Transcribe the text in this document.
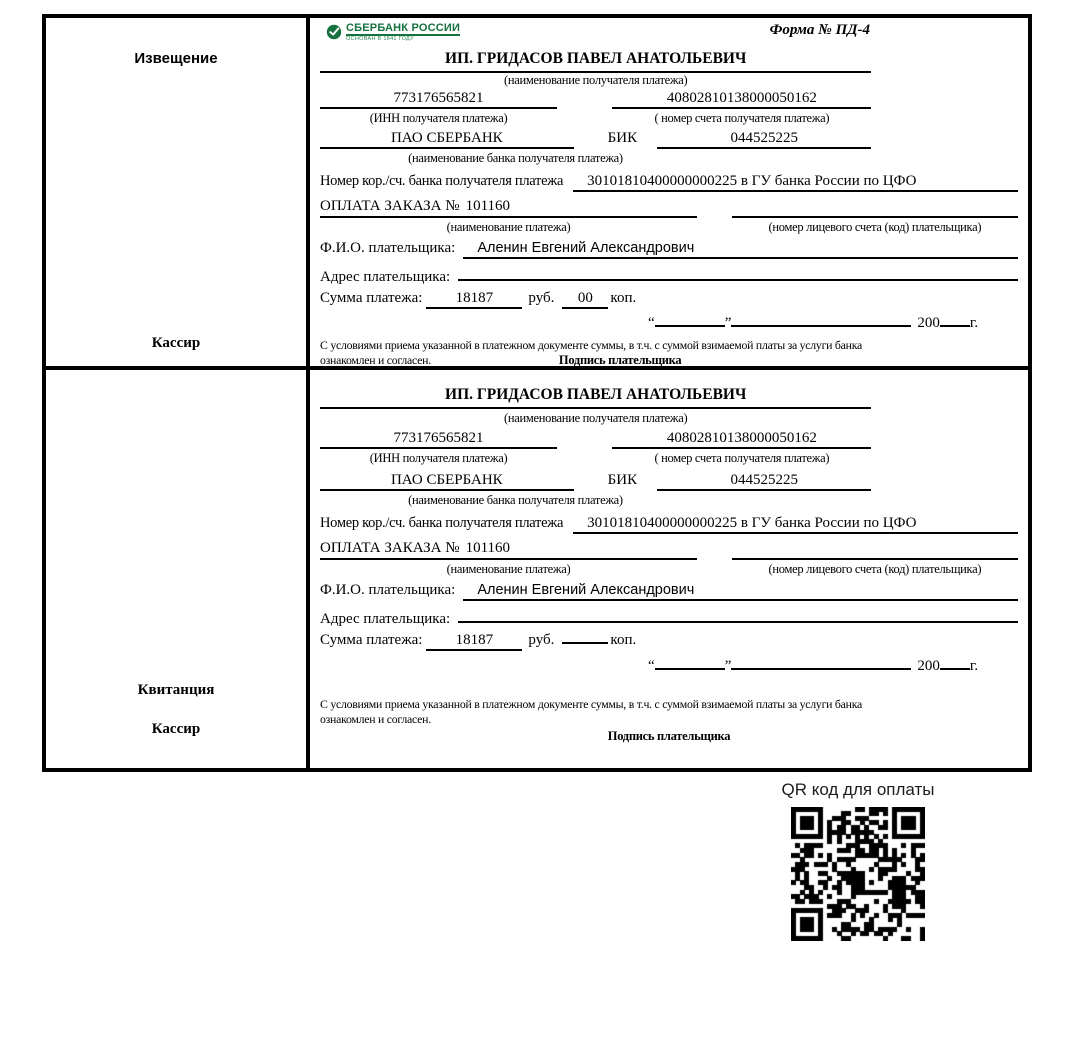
Извещение
Кассир
СБЕРБАНК РОССИИ
ОСНОВАН В 1841 ГОДУ
Форма № ПД-4
ИП. ГРИДАСОВ ПАВЕЛ АНАТОЛЬЕВИЧ
(наименование получателя платежа)
773176565821	40802810138000050162
(ИНН получателя платежа)	( номер счета получателя платежа)
ПАО СБЕРБАНК	БИК	044525225
(наименование банка получателя платежа)
Номер кор./сч. банка получателя платежа	30101810400000000225 в ГУ банка России по ЦФО
ОПЛАТА ЗАКАЗА № 101160
(наименование платежа)	(номер лицевого счета (код) плательщика)
Ф.И.О. плательщика:	Аленин Евгений Александрович
Адрес плательщика:
Сумма платежа:	18187	руб.	00	коп.
“	”	200 г.
С условиями приема указанной в платежном документе суммы, в т.ч. с суммой взимаемой платы за услуги банка
ознакомлен и согласен.	Подпись плательщика
Квитанция
Кассир
ИП. ГРИДАСОВ ПАВЕЛ АНАТОЛЬЕВИЧ
(наименование получателя платежа)
773176565821	40802810138000050162
(ИНН получателя платежа)	( номер счета получателя платежа)
ПАО СБЕРБАНК	БИК	044525225
(наименование банка получателя платежа)
Номер кор./сч. банка получателя платежа	30101810400000000225 в ГУ банка России по ЦФО
ОПЛАТА ЗАКАЗА № 101160
(наименование платежа)	(номер лицевого счета (код) плательщика)
Ф.И.О. плательщика:	Аленин Евгений Александрович
Адрес плательщика:
Сумма платежа:	18187	руб.	коп.
“	”	200 г.
С условиями приема указанной в платежном документе суммы, в т.ч. с суммой взимаемой платы за услуги банка
ознакомлен и согласен.
Подпись плательщика
QR код для оплаты
